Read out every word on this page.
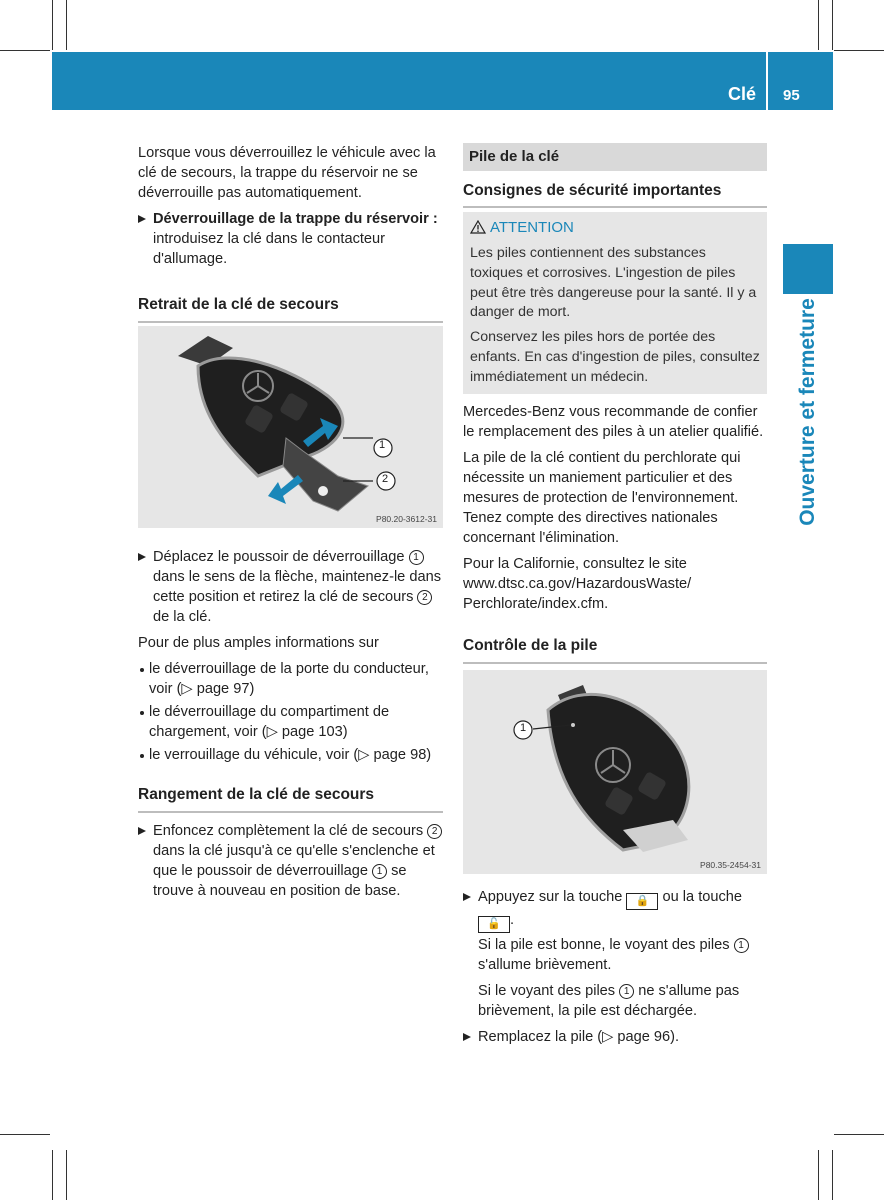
Clé 95
Ouverture et fermeture

Lorsque vous déverrouillez le véhicule avec la clé de secours, la trappe du réservoir ne se déverrouille pas automatiquement.

Déverrouillage de la trappe du réservoir : introduisez la clé dans le contacteur d'allumage.
Retrait de la clé de secours
Déplacez le poussoir de déverrouillage 1 dans le sens de la flèche, maintenez-le dans cette position et retirez la clé de secours 2 de la clé.

Pour de plus amples informations sur

le déverrouillage de la porte du conducteur, voir (▷ page 97)
le déverrouillage du compartiment de chargement, voir (▷ page 103)
le verrouillage du véhicule, voir (▷ page 98)
Rangement de la clé de secours
Enfoncez complètement la clé de secours 2 dans la clé jusqu'à ce qu'elle s'enclenche et que le poussoir de déverrouillage 1 se trouve à nouveau en position de base.
1
2
P80.20-3612-31
Pile de la clé
Consignes de sécurité importantes
ATTENTION

Les piles contiennent des substances toxiques et corrosives. L'ingestion de piles peut être très dangereuse pour la santé. Il y a danger de mort.

Conservez les piles hors de portée des enfants. En cas d'ingestion de piles, consultez immédiatement un médecin.

Mercedes-Benz vous recommande de confier le remplacement des piles à un atelier qualifié.

La pile de la clé contient du perchlorate qui nécessite un maniement particulier et des mesures de protection de l'environnement. Tenez compte des directives nationales concernant l'élimination.

Pour la Californie, consultez le site www.dtsc.ca.gov/HazardousWaste/ Perchlorate/index.cfm.

Contrôle de la pile
Appuyez sur la touche 🔒 ou la touche
🔓 .

Si la pile est bonne, le voyant des piles 1 s'allume brièvement.

Si le voyant des piles 1 ne s'allume pas brièvement, la pile est déchargée.

Remplacez la pile (▷ page 96).
1
P80.35-2454-31
